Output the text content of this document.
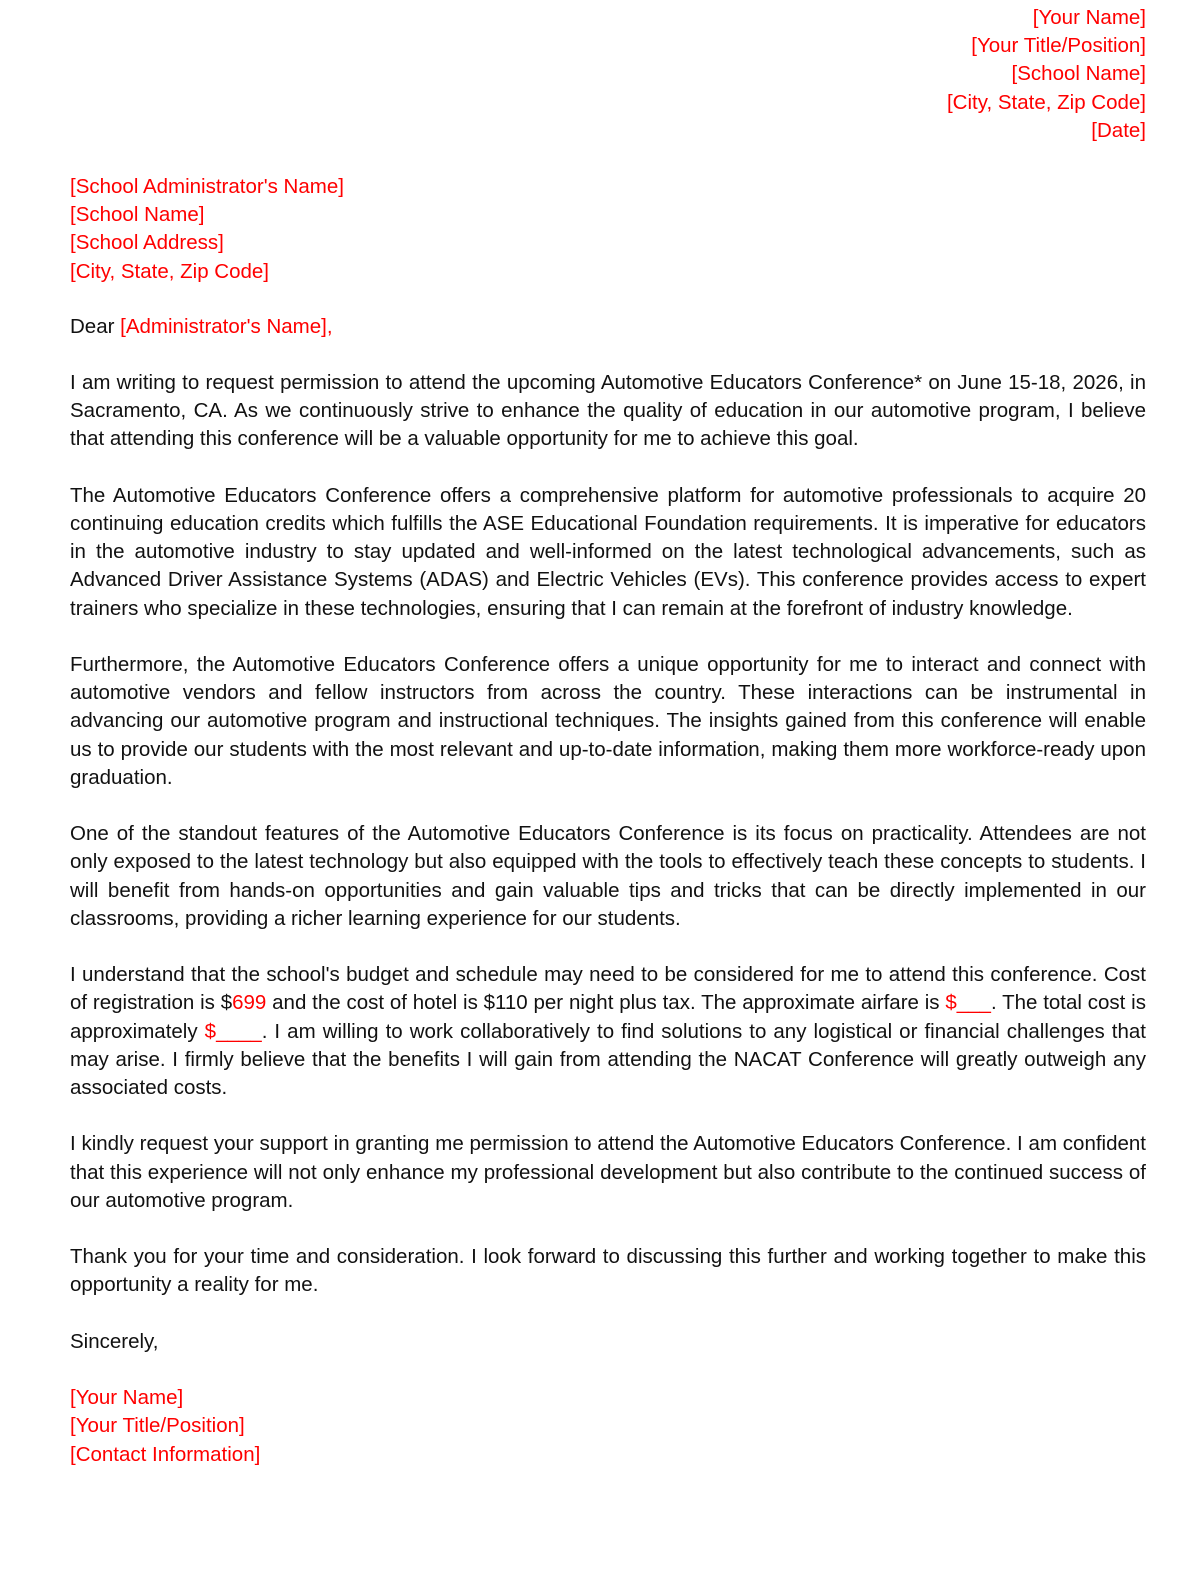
[Your Name]
[Your Title/Position]
[School Name]
[City, State, Zip Code]
[Date]
[School Administrator's Name]
[School Name]
[School Address]
[City, State, Zip Code]
Dear [Administrator's Name],

I am writing to request permission to attend the upcoming Automotive Educators Conference* on June 15-18, 2026, in Sacramento, CA. As we continuously strive to enhance the quality of education in our automotive program, I believe that attending this conference will be a valuable opportunity for me to achieve this goal.

The Automotive Educators Conference offers a comprehensive platform for automotive professionals to acquire 20 continuing education credits which fulfills the ASE Educational Foundation requirements. It is imperative for educators in the automotive industry to stay updated and well-informed on the latest technological advancements, such as Advanced Driver Assistance Systems (ADAS) and Electric Vehicles (EVs). This conference provides access to expert trainers who specialize in these technologies, ensuring that I can remain at the forefront of industry knowledge.

Furthermore, the Automotive Educators Conference offers a unique opportunity for me to interact and connect with automotive vendors and fellow instructors from across the country. These interactions can be instrumental in advancing our automotive program and instructional techniques. The insights gained from this conference will enable us to provide our students with the most relevant and up-to-date information, making them more workforce-ready upon graduation.

One of the standout features of the Automotive Educators Conference is its focus on practicality. Attendees are not only exposed to the latest technology but also equipped with the tools to effectively teach these concepts to students. I will benefit from hands-on opportunities and gain valuable tips and tricks that can be directly implemented in our classrooms, providing a richer learning experience for our students.

I understand that the school's budget and schedule may need to be considered for me to attend this conference. Cost of registration is $699 and the cost of hotel is $110 per night plus tax. The approximate airfare is $___. The total cost is approximately $____. I am willing to work collaboratively to find solutions to any logistical or financial challenges that may arise. I firmly believe that the benefits I will gain from attending the NACAT Conference will greatly outweigh any associated costs.

I kindly request your support in granting me permission to attend the Automotive Educators Conference. I am confident that this experience will not only enhance my professional development but also contribute to the continued success of our automotive program.

Thank you for your time and consideration. I look forward to discussing this further and working together to make this opportunity a reality for me.

Sincerely,
[Your Name]
[Your Title/Position]
[Contact Information]
